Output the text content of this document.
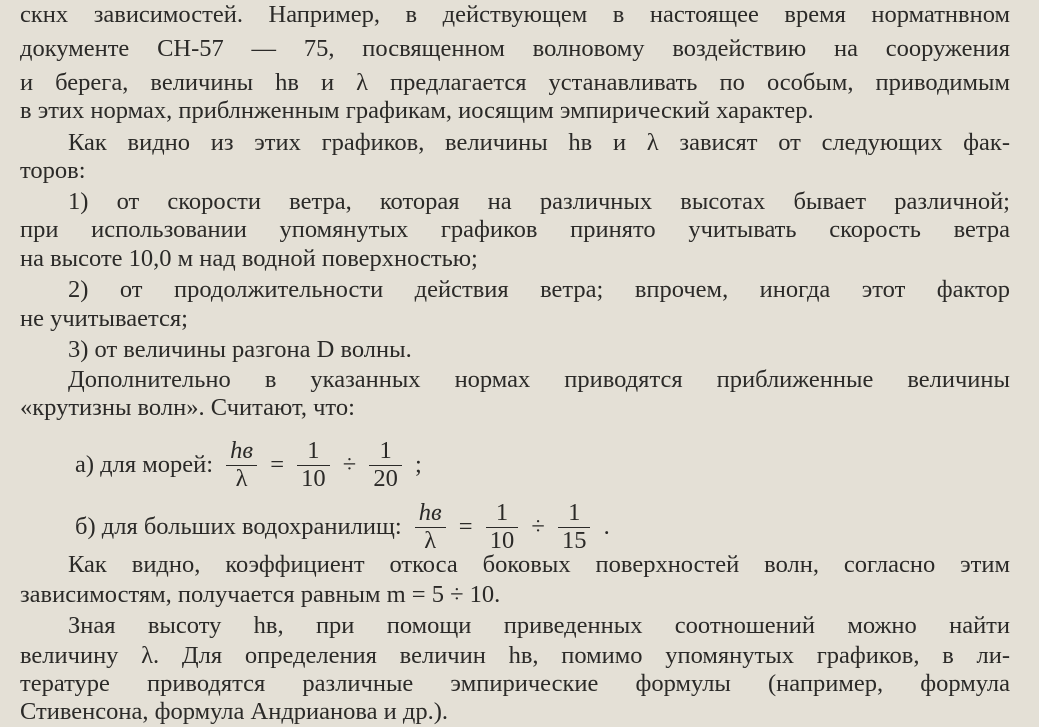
скнх зависимостей. Например, в действующем в настоящее время норматнвном
документе СН-57 — 75, посвященном волновому воздействию на сооружения
и берега, величины hв и λ предлагается устанавливать по особым, приводимым
в этих нормах, приблнженным графикам, иосящим эмпирический характер.
Как видно из этих графиков, величины hв и λ зависят от следующих фак-
торов:
1) от скорости ветра, которая на различных высотах бывает различной;
при использовании упомянутых графиков принято учитывать скорость ветра
на высоте 10,0 м над водной поверхностью;
2) от продолжительности действия ветра; впрочем, иногда этот фактор
не учитывается;
3) от величины разгона D волны.
Дополнительно в указанных нормах приводятся приближенные величины
«крутизны волн». Считают, что:
а) для морей: $\frac{hв}{\lambda} = \frac{1}{10} \div \frac{1}{20}$ ;
б) для больших водохранилищ: $\frac{hв}{\lambda} = \frac{1}{10} \div \frac{1}{15}$ .
Как видно, коэффициент откоса боковых поверхностей волн, согласно этим
зависимостям, получается равным m = 5 ÷ 10.
Зная высоту hв, при помощи приведенных соотношений можно найти
величину λ. Для определения величин hв, помимо упомянутых графиков, в ли-
тературе приводятся различные эмпирические формулы (например, формула
Стивенсона, формула Андрианова и др.).
